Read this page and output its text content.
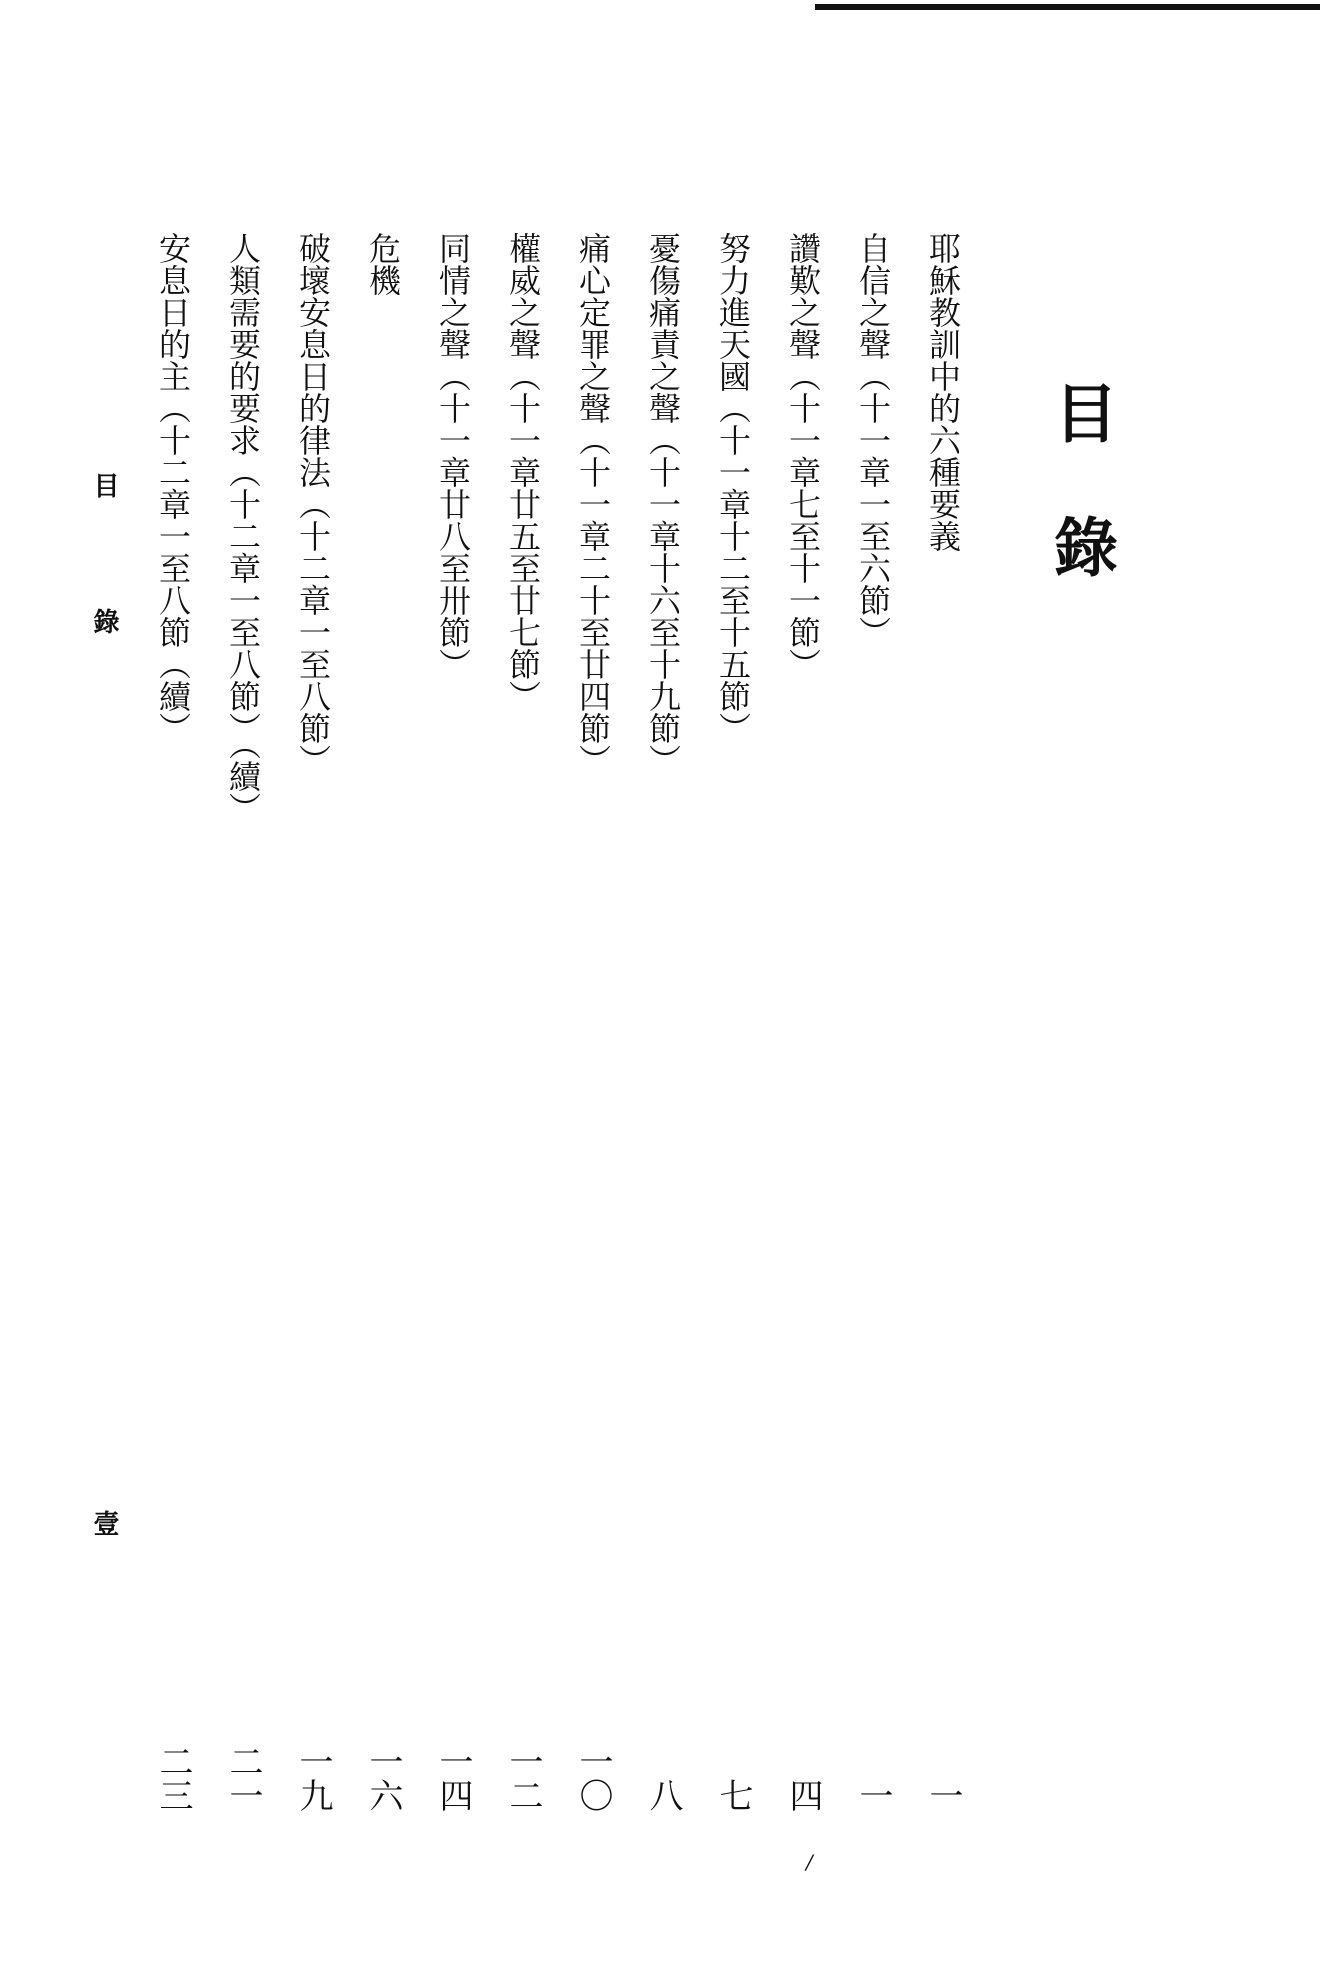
目錄
耶穌教訓中的六種要義
一
自信之聲（十一章一至六節）
一
讚歎之聲（十一章七至十一節）
四
努力進天國（十一章十二至十五節）
七
憂傷痛責之聲（十一章十六至十九節）
八
痛心定罪之聲（十一章二十至廿四節）
一〇
權威之聲（十一章廿五至廿七節）
一二
同情之聲（十一章廿八至卅節）
一四
危機
一六
破壞安息日的律法（十二章一至八節）
一九
人類需要的要求（十二章一至八節）（續）
二一
安息日的主（十二章一至八節（續）
二三
目錄
壹
/
